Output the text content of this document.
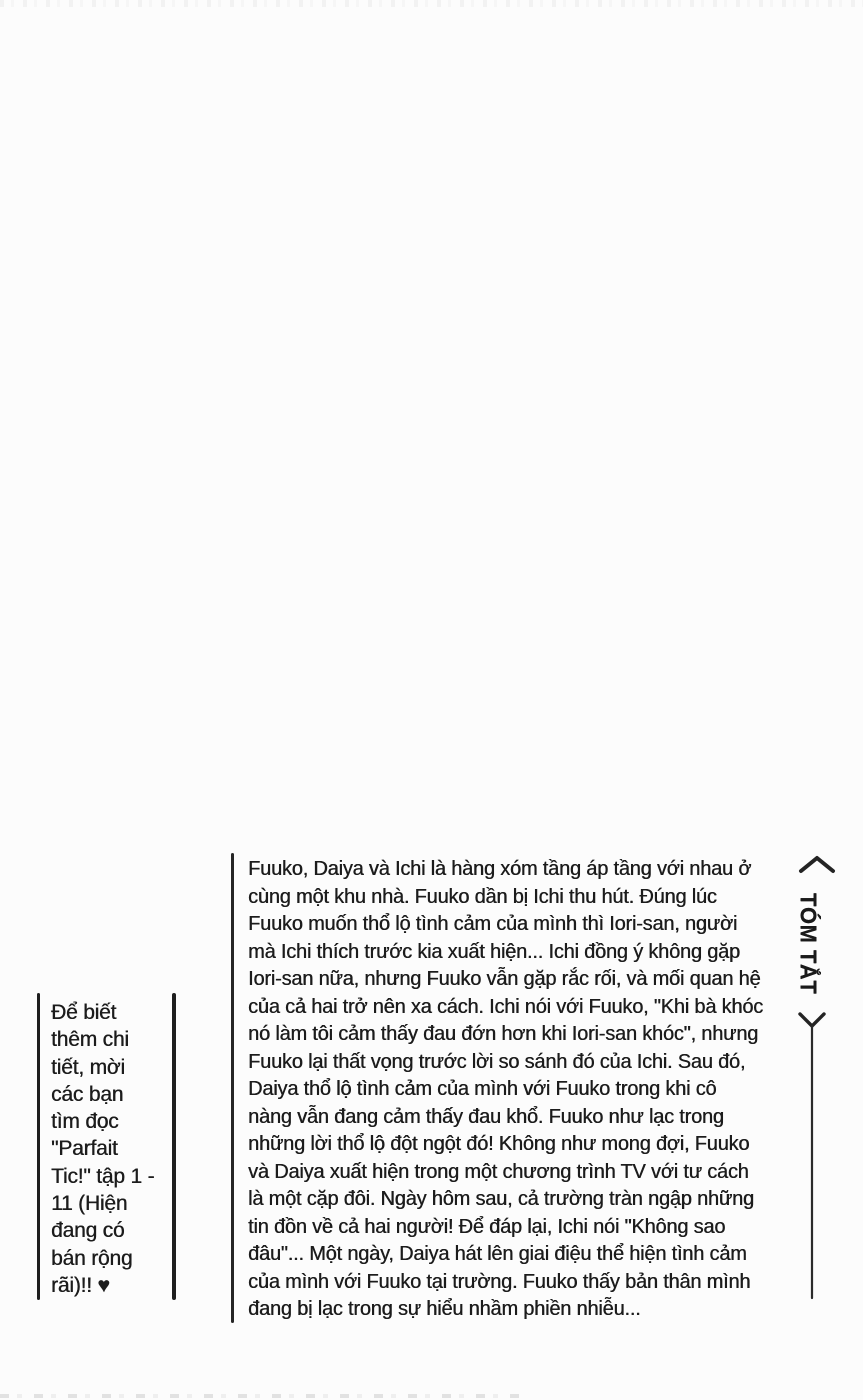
Fuuko, Daiya và Ichi là hàng xóm tầng áp tầng với nhau ở
cùng một khu nhà. Fuuko dần bị Ichi thu hút. Đúng lúc
Fuuko muốn thổ lộ tình cảm của mình thì Iori-san, người
mà Ichi thích trước kia xuất hiện... Ichi đồng ý không gặp
Iori-san nữa, nhưng Fuuko vẫn gặp rắc rối, và mối quan hệ
của cả hai trở nên xa cách. Ichi nói với Fuuko, "Khi bà khóc
nó làm tôi cảm thấy đau đớn hơn khi Iori-san khóc", nhưng
Fuuko lại thất vọng trước lời so sánh đó của Ichi. Sau đó,
Daiya thổ lộ tình cảm của mình với Fuuko trong khi cô
nàng vẫn đang cảm thấy đau khổ. Fuuko như lạc trong
những lời thổ lộ đột ngột đó! Không như mong đợi, Fuuko
và Daiya xuất hiện trong một chương trình TV với tư cách
là một cặp đôi. Ngày hôm sau, cả trường tràn ngập những
tin đồn về cả hai người! Để đáp lại, Ichi nói "Không sao
đâu"... Một ngày, Daiya hát lên giai điệu thể hiện tình cảm
của mình với Fuuko tại trường. Fuuko thấy bản thân mình
đang bị lạc trong sự hiểu nhầm phiền nhiễu...
TÓM TẮT
Để biết
thêm chi
tiết, mời
các bạn
tìm đọc
"Parfait
Tic!" tập 1 -
11 (Hiện
đang có
bán rộng
rãi)!! ♥
